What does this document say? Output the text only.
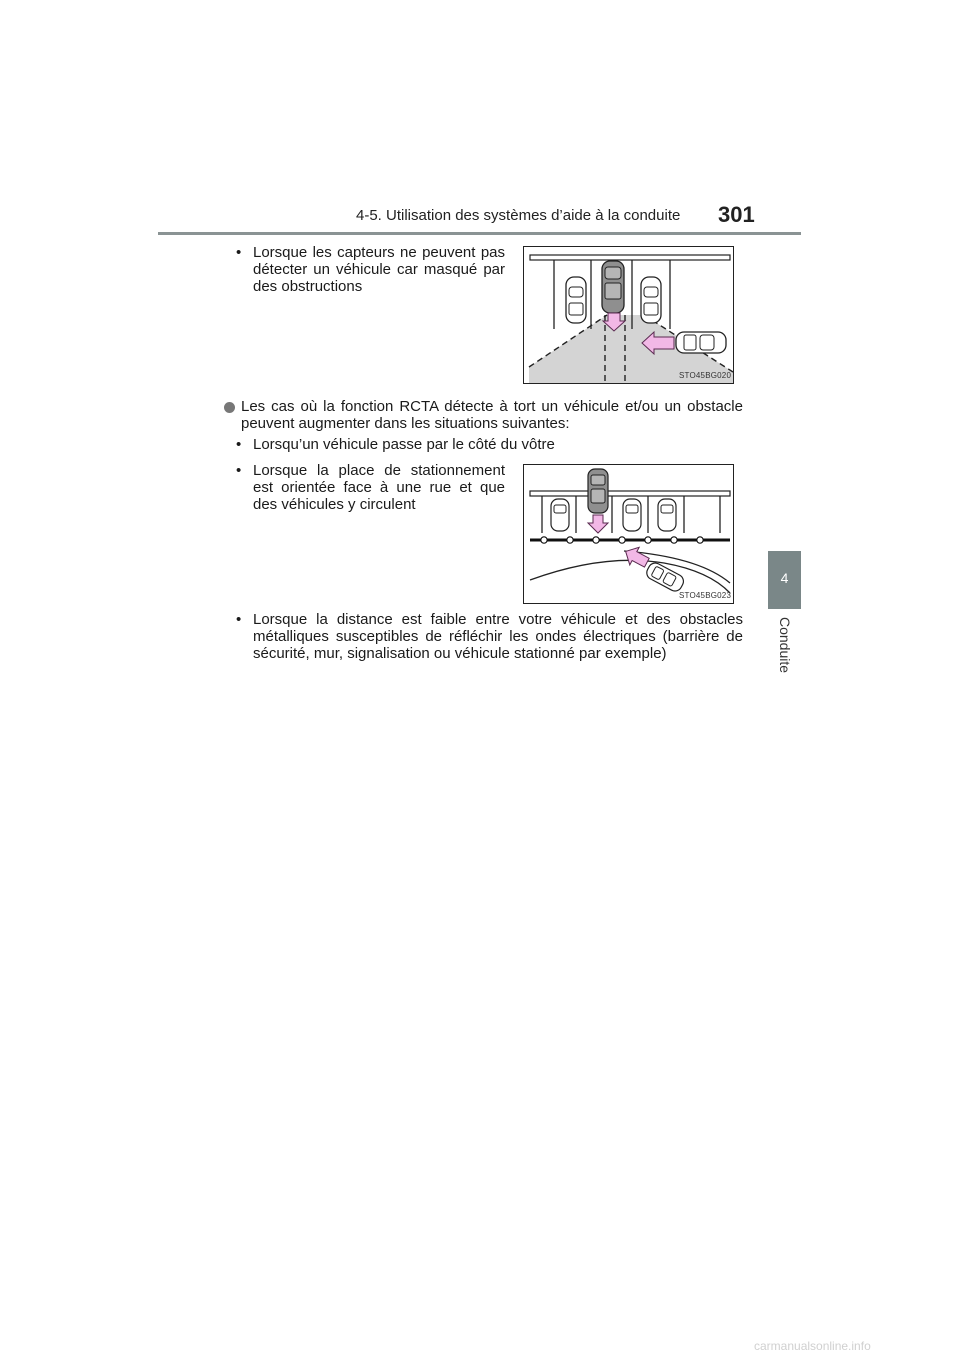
4-5. Utilisation des systèmes d’aide à la conduite 301
4
Conduite
• Lorsque les capteurs ne peuvent pas détecter un véhicule car masqué par des obstructions
STO45BG020
Les cas où la fonction RCTA détecte à tort un véhicule et/ou un obstacle peuvent augmenter dans les situations suivantes:
• Lorsqu’un véhicule passe par le côté du vôtre
• Lorsque la place de stationnement est orientée face à une rue et que des véhicules y circulent
STO45BG023
• Lorsque la distance est faible entre votre véhicule et des obstacles métalliques susceptibles de réfléchir les ondes électriques (barrière de sécurité, mur, signalisation ou véhicule stationné par exemple)
carmanualsonline.info
